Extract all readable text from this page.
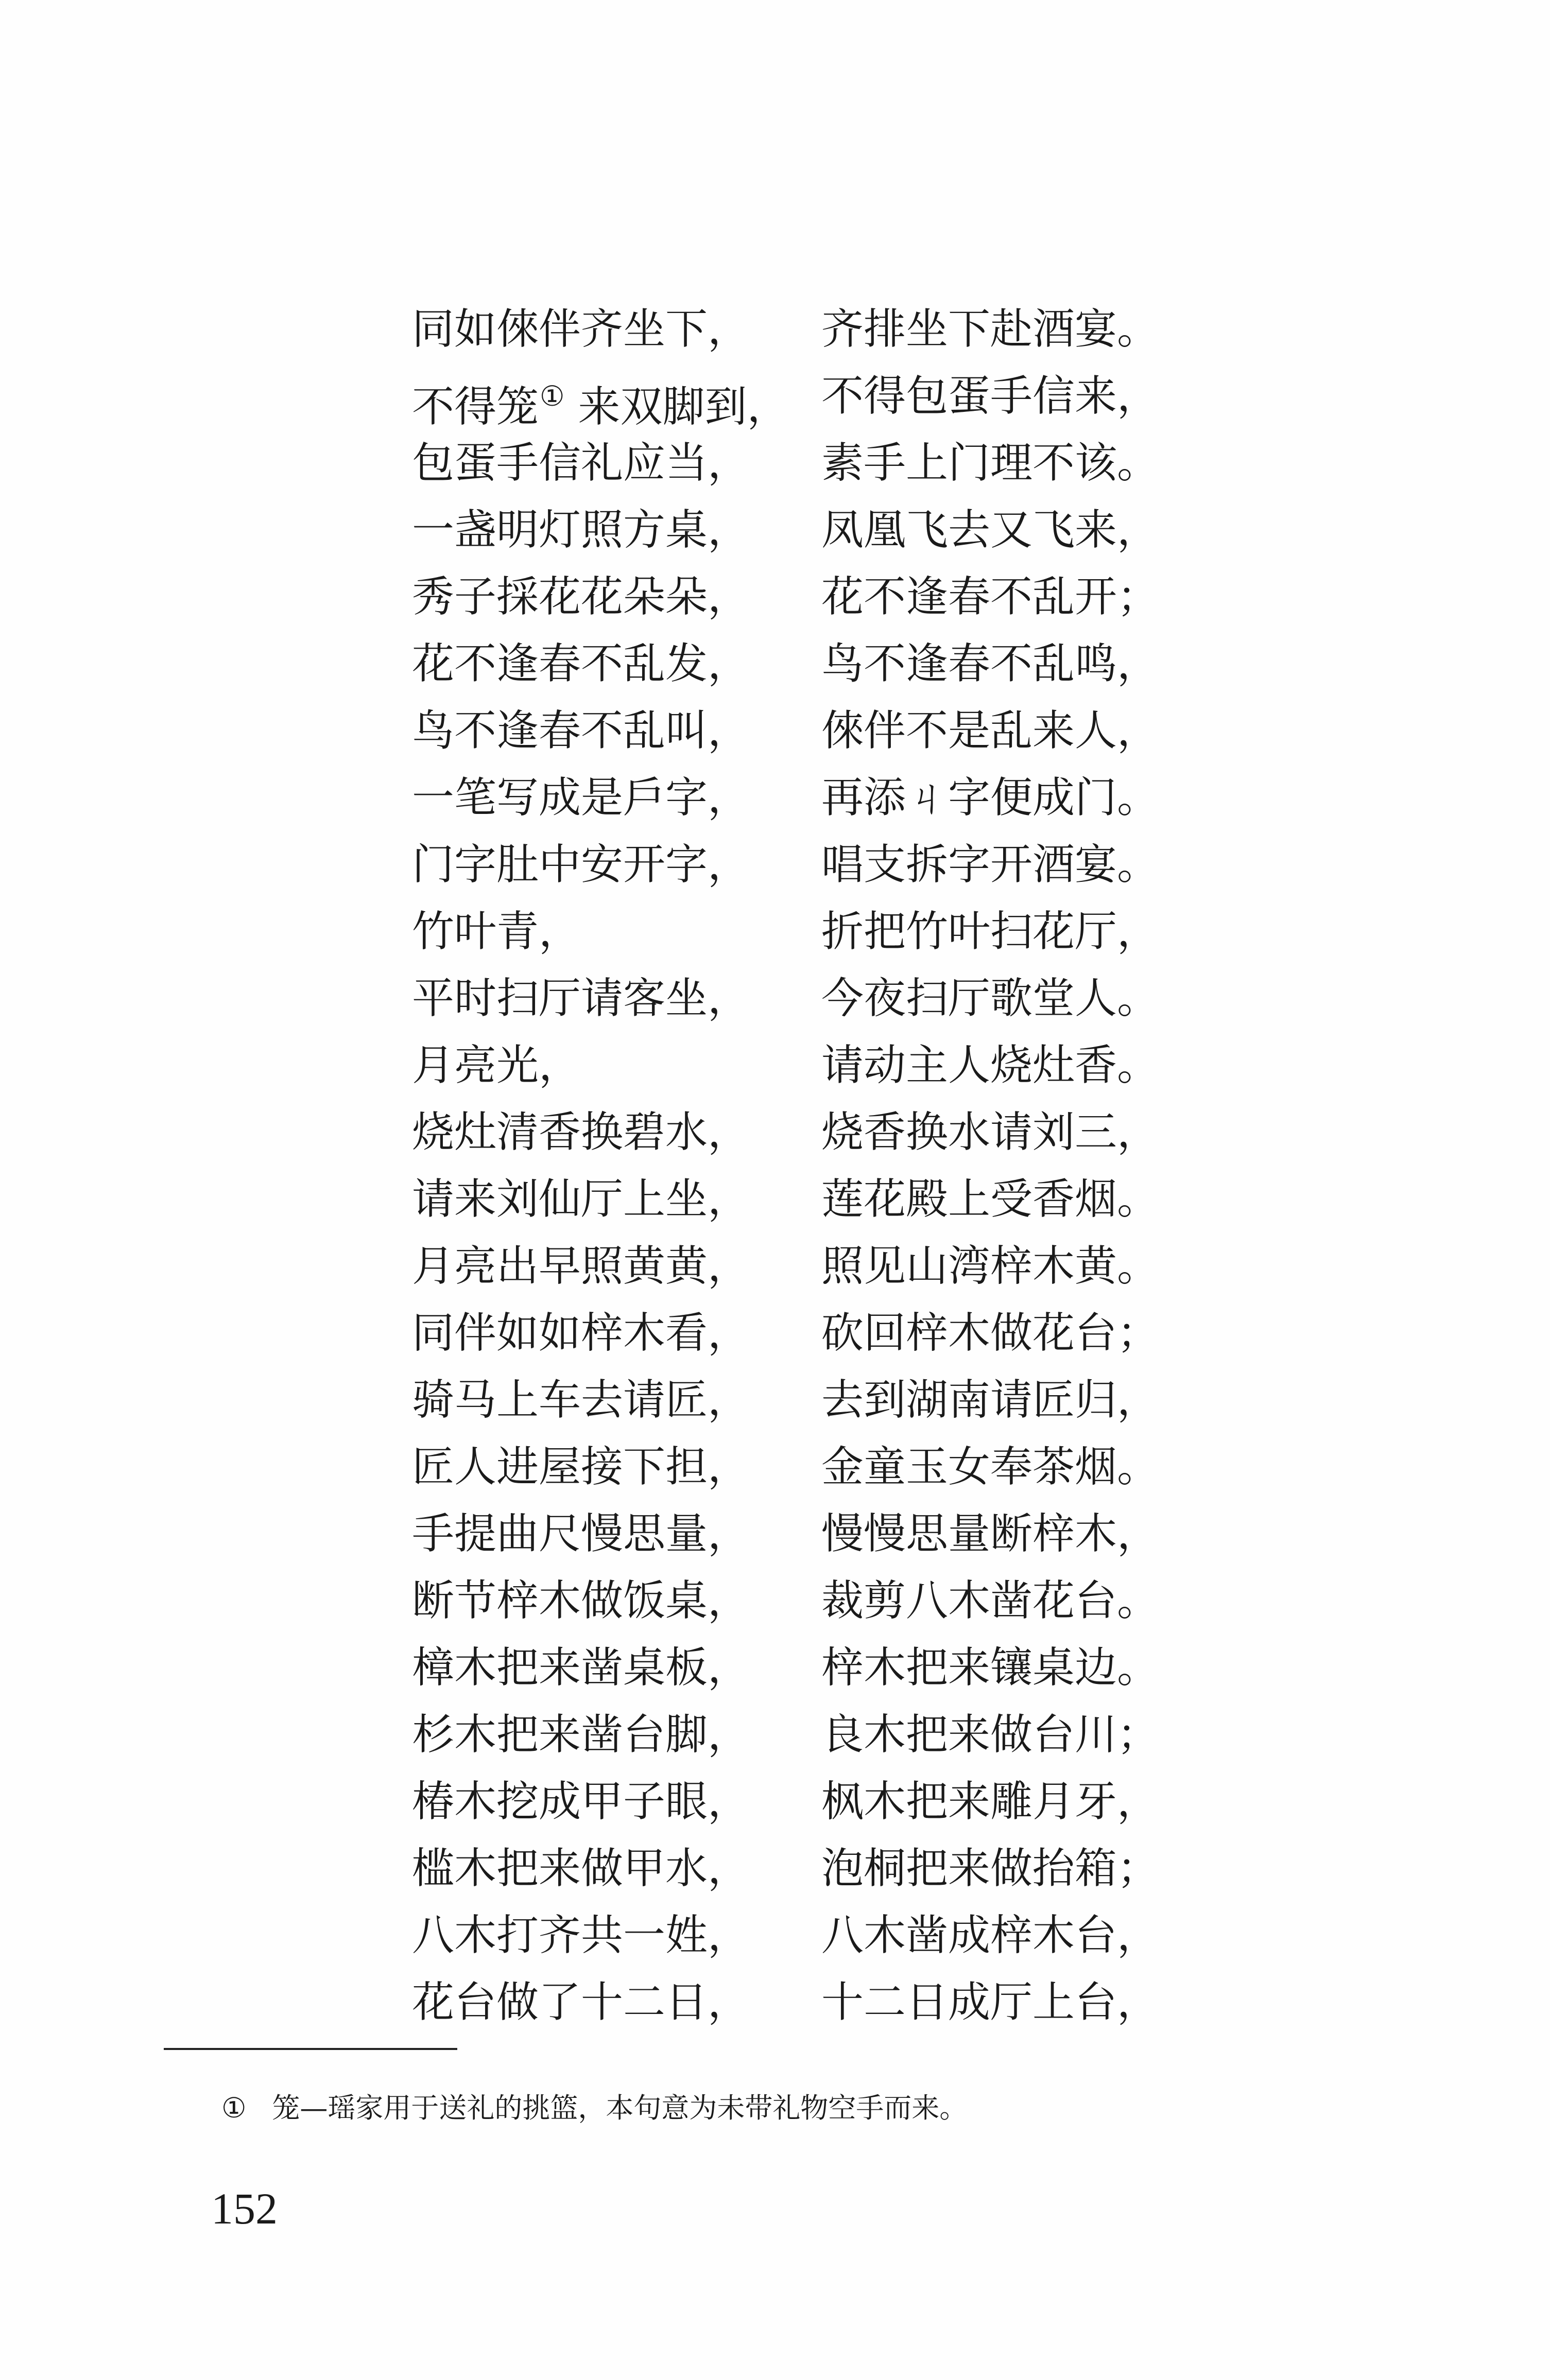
同如倈伴齐坐下， 齐排坐下赴酒宴。
不得笼① 来双脚到， 不得包蛋手信来，
包蛋手信礼应当， 素手上门理不该。
一盏明灯照方桌， 凤凰飞去又飞来，
秀子採花花朵朵， 花不逢春不乱开；
花不逢春不乱发， 鸟不逢春不乱鸣，
鸟不逢春不乱叫， 倈伴不是乱来人，
一笔写成是戶字， 再添ㄐ字便成门。
门字肚中安开字， 唱支拆字开酒宴。
竹叶青，	折把竹叶扫花厅，
平时扫厅请客坐， 今夜扫厅歌堂人。
月亮光，	请动主人烧灶香。
烧灶清香换碧水， 烧香换水请刘三，
请来刘仙厅上坐， 莲花殿上受香烟。
月亮出早照黄黄， 照见山湾梓木黄。
同伴如如梓木看， 砍回梓木做花台；
骑马上车去请匠， 去到湖南请匠归，
匠人进屋接下担， 金童玉女奉茶烟。
手提曲尺慢思量， 慢慢思量断梓木，
断节梓木做饭桌， 裁剪八木凿花台。
樟木把来凿桌板， 梓木把来镶桌边。
杉木把来凿台脚， 良木把来做台川；
椿木挖成甲子眼， 枫木把来雕月牙，
槛木把来做甲水， 泡桐把来做抬箱；
八木打齐共一姓， 八木凿成梓木台，
花台做了十二日， 十二日成厅上台，
① 笼—瑶家用于送礼的挑篮，本句意为未带礼物空手而来。
152
